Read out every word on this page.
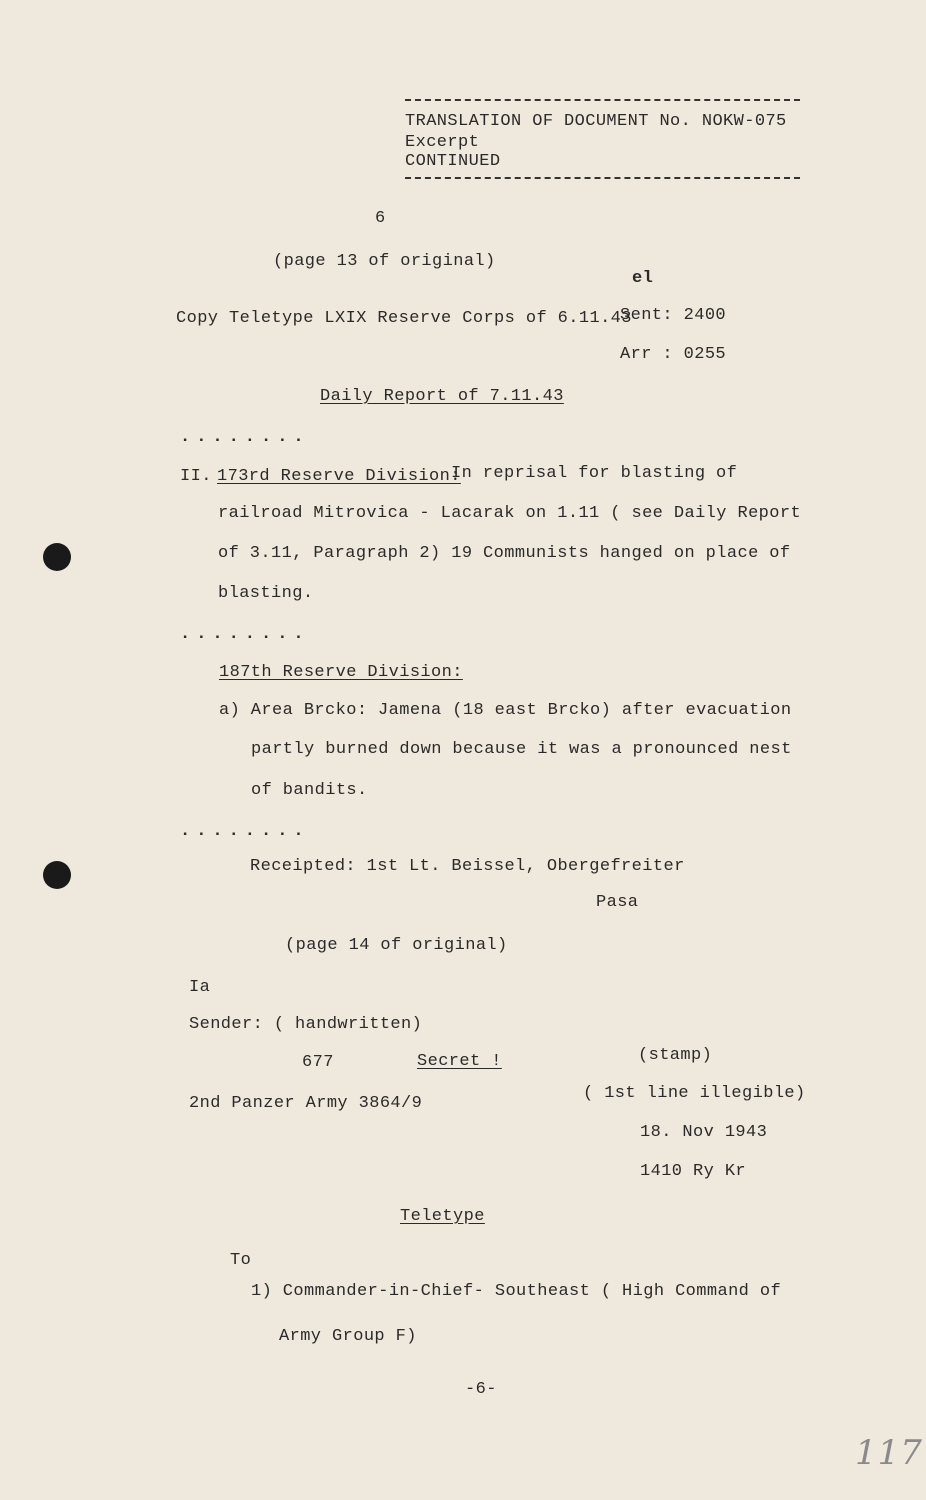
TRANSLATION OF DOCUMENT No. NOKW-075
Excerpt
CONTINUED
6
(page 13 of original)
el
Copy Teletype LXIX Reserve Corps of 6.11.43
Sent: 2400
Arr : 0255
Daily Report of 7.11.43
........
II. 173rd Reserve Division:
In reprisal for blasting of
railroad Mitrovica - Lacarak on 1.11 ( see Daily Report
of 3.11, Paragraph 2) 19 Communists hanged on place of
blasting.
........
187th Reserve Division:
a) Area Brcko: Jamena (18 east Brcko) after evacuation
partly burned down because it was a pronounced nest
of bandits.
........
Receipted: 1st Lt. Beissel, Obergefreiter
Pasa
(page 14 of original)
Ia
Sender: ( handwritten)
677	Secret !	(stamp)
2nd Panzer Army 3864/9
( 1st line illegible)
18. Nov 1943
1410 Ry Kr
Teletype
To
1) Commander-in-Chief- Southeast ( High Command of
Army Group F)
-6-
117
